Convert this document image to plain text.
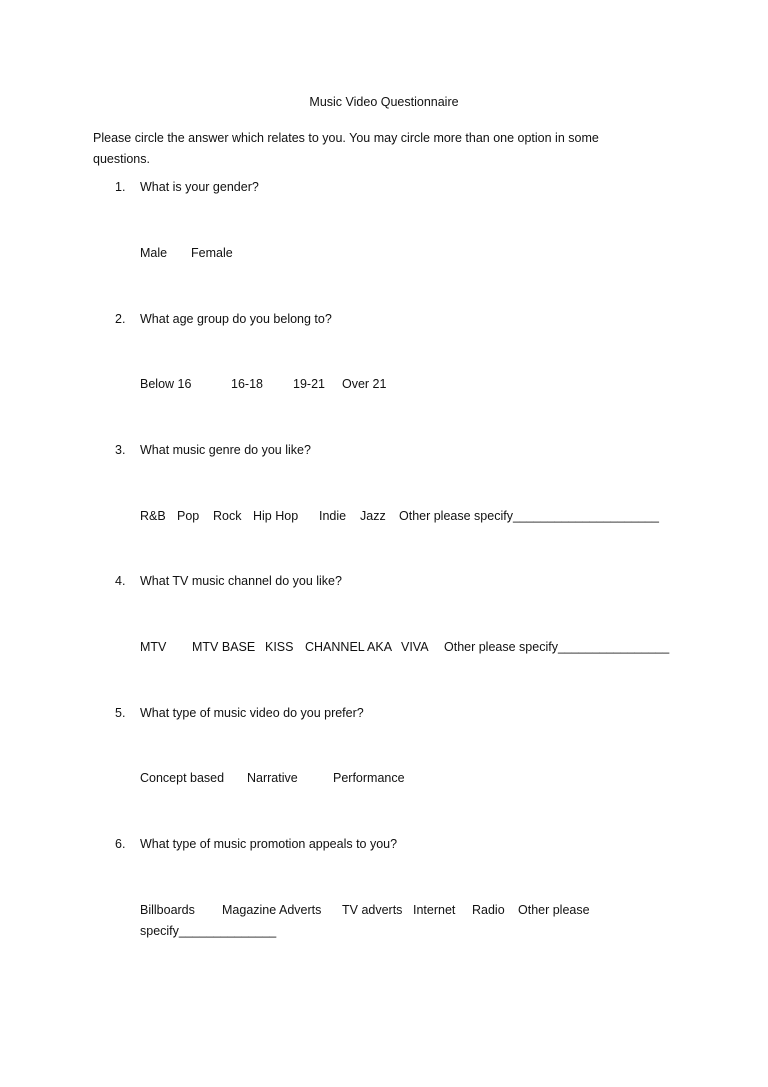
Music Video Questionnaire
Please circle the answer which relates to you. You may circle more than one option in some
questions.
1. What is your gender?
Male Female
2. What age group do you belong to?
Below 16	16-18 19-21 Over 21
3. What music genre do you like?
R&B Pop Rock Hip Hop Indie Jazz Other please specify_____________________
4. What TV music channel do you like?
MTV MTV BASE KISS CHANNEL AKA VIVA Other please specify________________
5. What type of music video do you prefer?
Concept based Narrative	Performance
6. What type of music promotion appeals to you?
Billboards Magazine Adverts TV adverts Internet Radio Other please
specify______________
